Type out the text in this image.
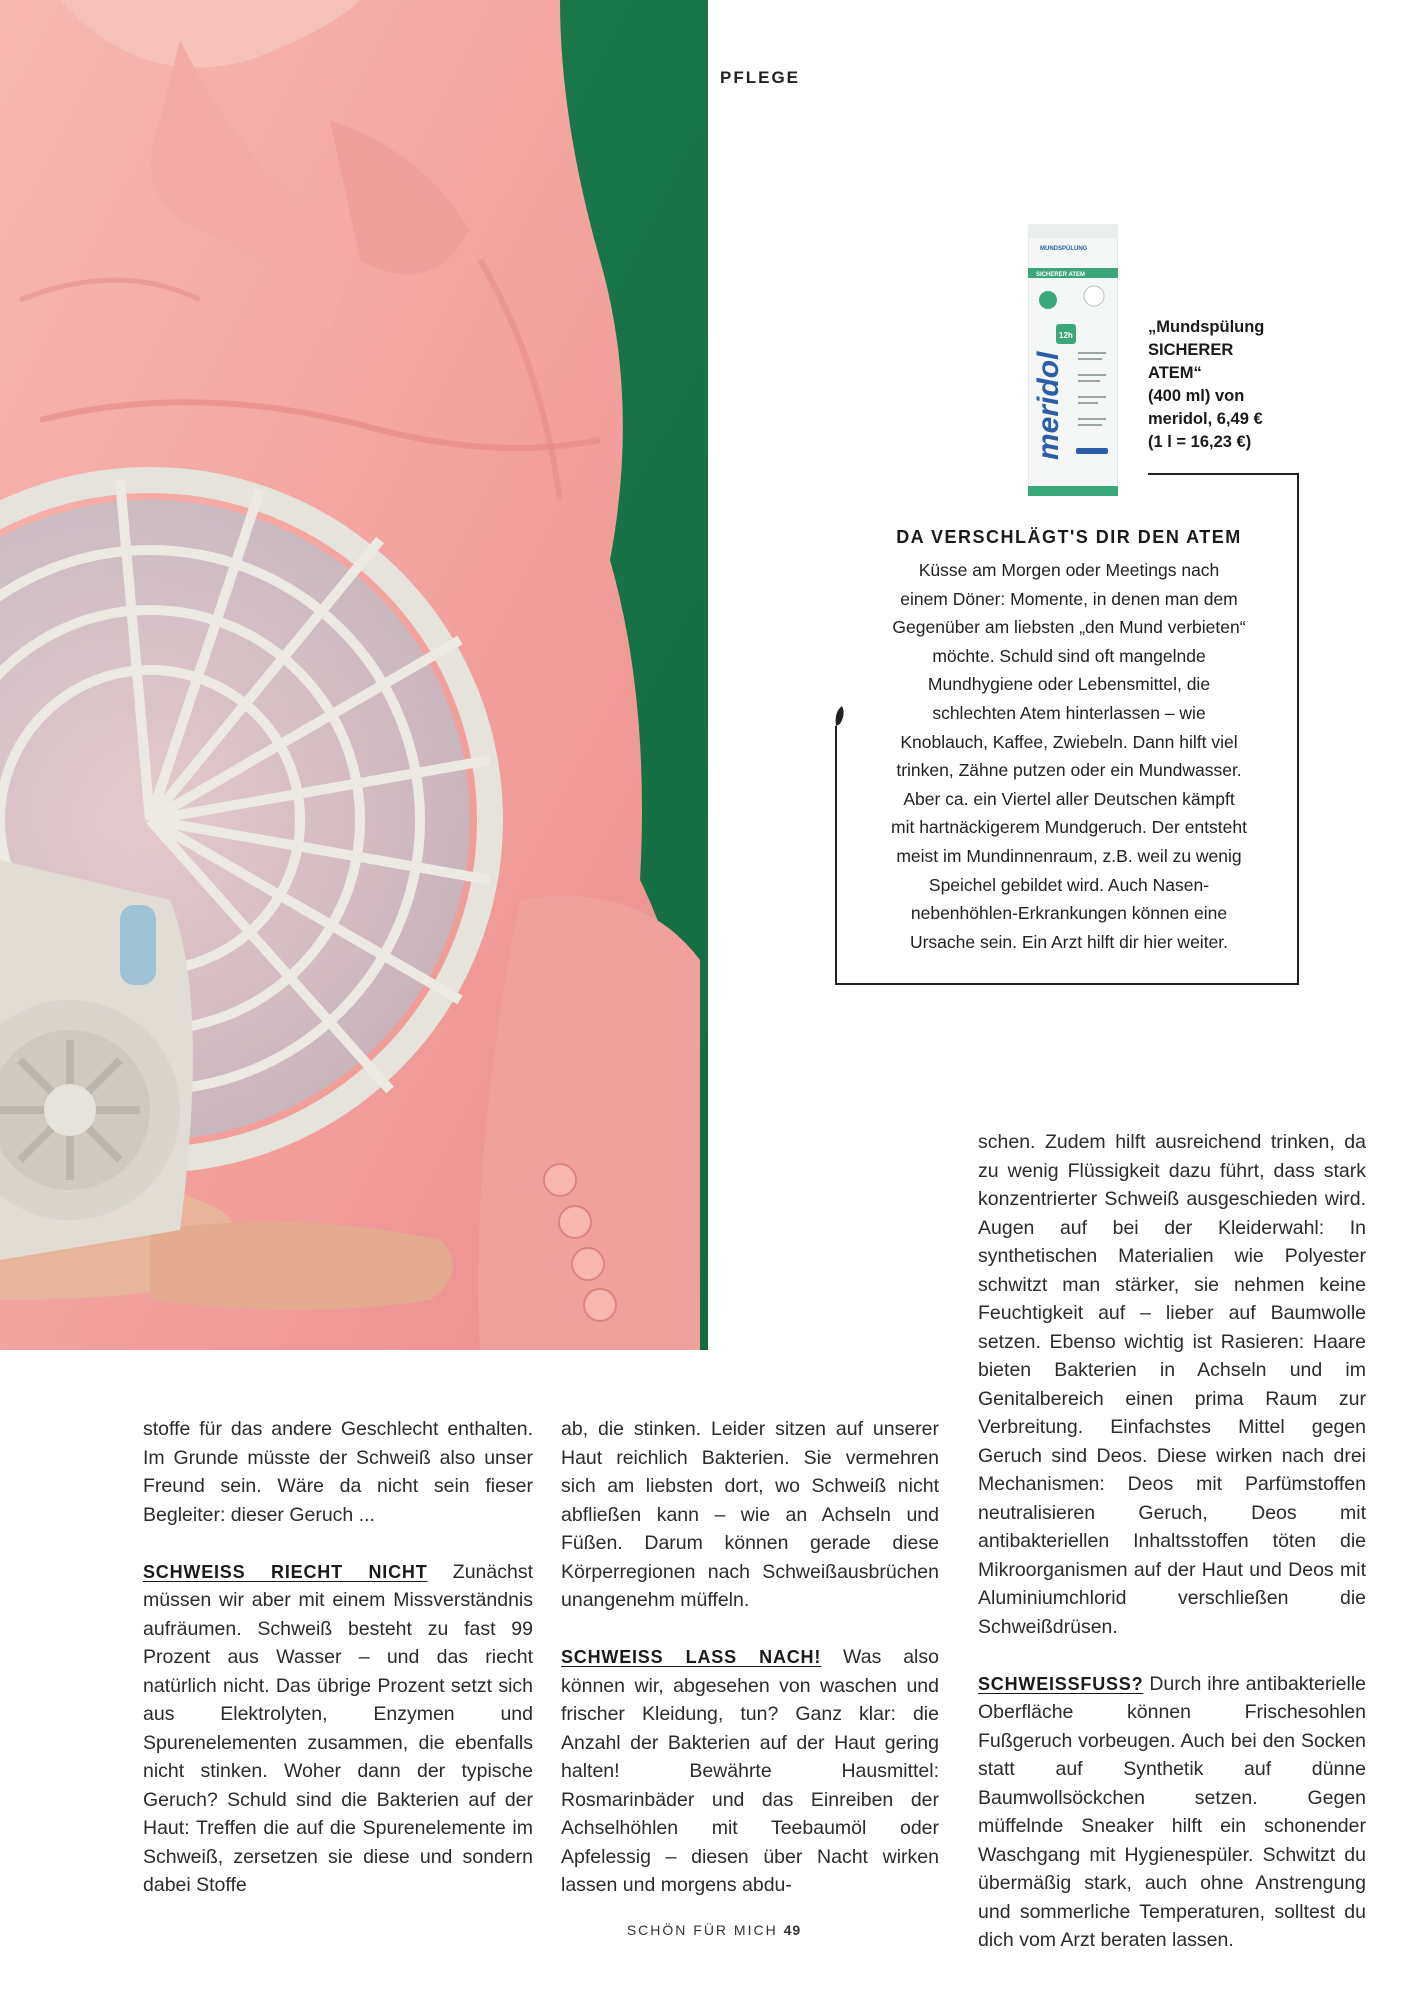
PFLEGE
MUNDSPÜLUNG
SICHERER ATEM
12h
meridol
„Mundspülung
SICHERER
ATEM“
(400 ml) von
meridol, 6,49 €
(1 l = 16,23 €)
DA VERSCHLÄGT'S DIR DEN ATEM
Küsse am Morgen oder Meetings nach
einem Döner: Momente, in denen man dem
Gegenüber am liebsten „den Mund verbieten“
möchte. Schuld sind oft mangelnde
Mundhygiene oder Lebensmittel, die
schlechten Atem hinterlassen – wie
Knoblauch, Kaffee, Zwiebeln. Dann hilft viel
trinken, Zähne putzen oder ein Mundwasser.
Aber ca. ein Viertel aller Deutschen kämpft
mit hartnäckigerem Mundgeruch. Der entsteht
meist im Mundinnenraum, z.B. weil zu wenig
Speichel gebildet wird. Auch Nasen-
nebenhöhlen-Erkrankungen können eine
Ursache sein. Ein Arzt hilft dir hier weiter.

stoffe für das andere Geschlecht enthalten. Im Grunde müsste der Schweiß also unser Freund sein. Wäre da nicht sein fieser Begleiter: dieser Geruch ...

SCHWEISS RIECHT NICHT Zunächst müssen wir aber mit einem Missverständnis aufräumen. Schweiß besteht zu fast 99 Prozent aus Wasser – und das riecht natürlich nicht. Das übrige Prozent setzt sich aus Elektrolyten, Enzymen und Spurenelementen zusammen, die ebenfalls nicht stinken. Woher dann der typische Geruch? Schuld sind die Bakterien auf der Haut: Treffen die auf die Spurenelemente im Schweiß, zersetzen sie diese und sondern dabei Stoffe

ab, die stinken. Leider sitzen auf unserer Haut reichlich Bakterien. Sie vermehren sich am liebsten dort, wo Schweiß nicht abfließen kann – wie an Achseln und Füßen. Darum können gerade diese Körperregionen nach Schweißausbrüchen unangenehm müffeln.

SCHWEISS LASS NACH! Was also können wir, abgesehen von waschen und frischer Kleidung, tun? Ganz klar: die Anzahl der Bakterien auf der Haut gering halten! Bewährte Hausmittel: Rosmarinbäder und das Einreiben der Achselhöhlen mit Teebaumöl oder Apfelessig – diesen über Nacht wirken lassen und morgens abdu-

schen. Zudem hilft ausreichend trinken, da zu wenig Flüssigkeit dazu führt, dass stark konzentrierter Schweiß ausgeschieden wird. Augen auf bei der Kleiderwahl: In synthetischen Materialien wie Polyester schwitzt man stärker, sie nehmen keine Feuchtigkeit auf – lieber auf Baumwolle setzen. Ebenso wichtig ist Rasieren: Haare bieten Bakterien in Achseln und im Genitalbereich einen prima Raum zur Verbreitung. Einfachstes Mittel gegen Geruch sind Deos. Diese wirken nach drei Mechanismen: Deos mit Parfümstoffen neutralisieren Geruch, Deos mit antibakteriellen Inhaltsstoffen töten die Mikroorganismen auf der Haut und Deos mit Aluminiumchlorid verschließen die Schweißdrüsen.

SCHWEISSFUSS? Durch ihre antibakterielle Oberfläche können Frischesohlen Fußgeruch vorbeugen. Auch bei den Socken statt auf Synthetik auf dünne Baumwollsöckchen setzen. Gegen müffelnde Sneaker hilft ein schonender Waschgang mit Hygienespüler. Schwitzt du übermäßig stark, auch ohne Anstrengung und sommerliche Temperaturen, solltest du dich vom Arzt beraten lassen.

SCHÖN FÜR MICH 49
